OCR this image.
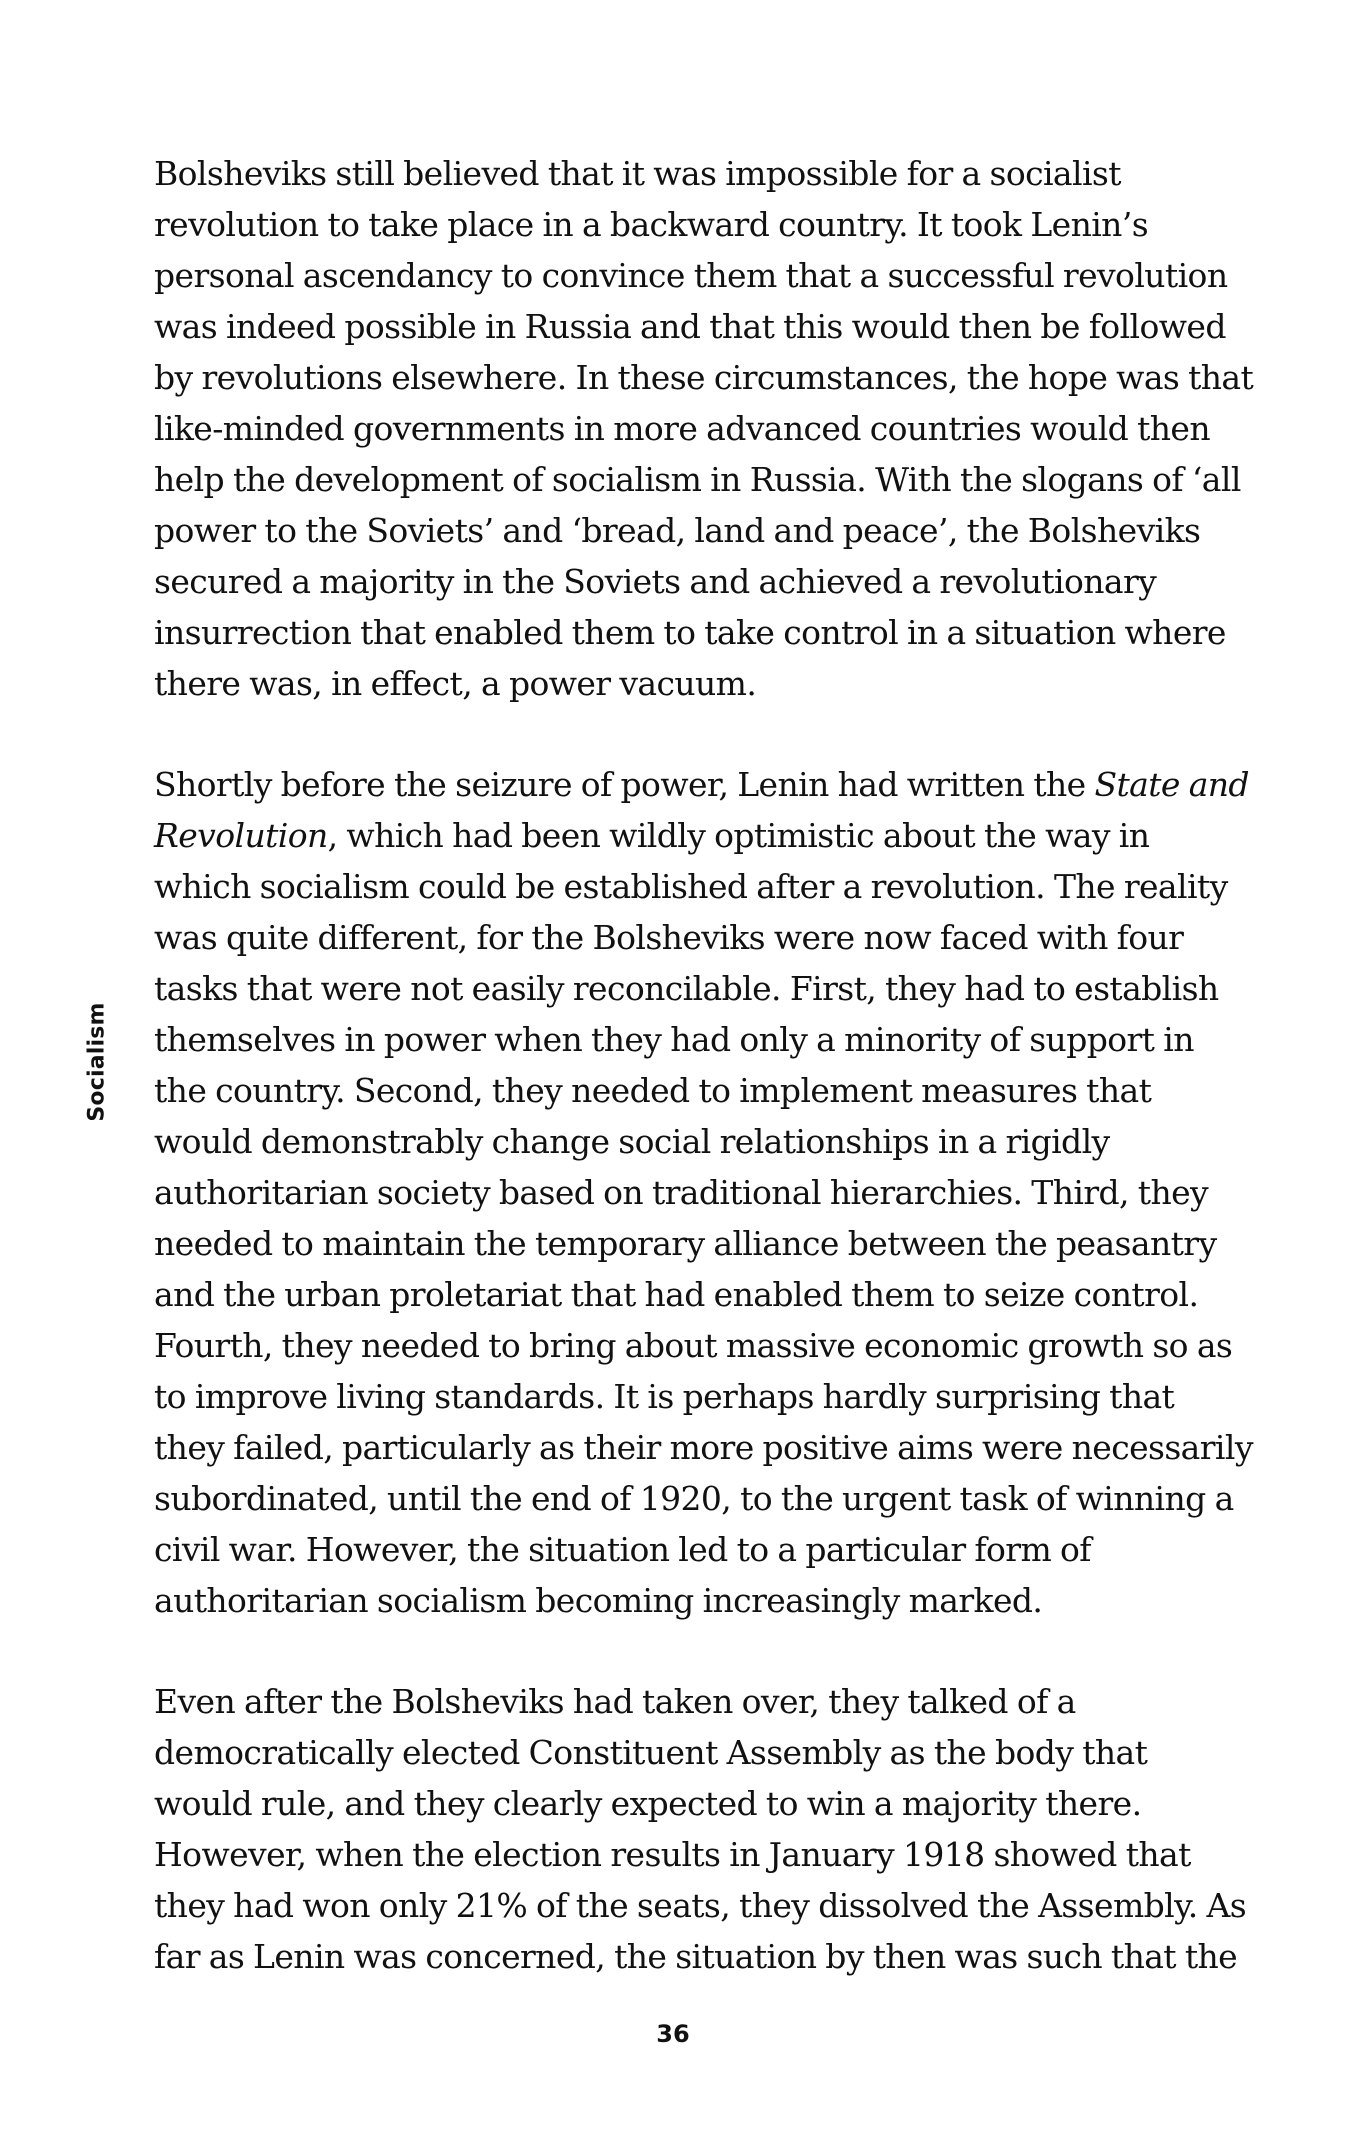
Socialism
Bolsheviks still believed that it was impossible for a socialist
revolution to take place in a backward country. It took Lenin’s
personal ascendancy to convince them that a successful revolution
was indeed possible in Russia and that this would then be followed
by revolutions elsewhere. In these circumstances, the hope was that
like-minded governments in more advanced countries would then
help the development of socialism in Russia. With the slogans of ‘all
power to the Soviets’ and ‘bread, land and peace’, the Bolsheviks
secured a majority in the Soviets and achieved a revolutionary
insurrection that enabled them to take control in a situation where
there was, in effect, a power vacuum.
Shortly before the seizure of power, Lenin had written the State and
Revolution, which had been wildly optimistic about the way in
which socialism could be established after a revolution. The reality
was quite different, for the Bolsheviks were now faced with four
tasks that were not easily reconcilable. First, they had to establish
themselves in power when they had only a minority of support in
the country. Second, they needed to implement measures that
would demonstrably change social relationships in a rigidly
authoritarian society based on traditional hierarchies. Third, they
needed to maintain the temporary alliance between the peasantry
and the urban proletariat that had enabled them to seize control.
Fourth, they needed to bring about massive economic growth so as
to improve living standards. It is perhaps hardly surprising that
they failed, particularly as their more positive aims were necessarily
subordinated, until the end of 1920, to the urgent task of winning a
civil war. However, the situation led to a particular form of
authoritarian socialism becoming increasingly marked.
Even after the Bolsheviks had taken over, they talked of a
democratically elected Constituent Assembly as the body that
would rule, and they clearly expected to win a majority there.
However, when the election results in January 1918 showed that
they had won only 21% of the seats, they dissolved the Assembly. As
far as Lenin was concerned, the situation by then was such that the
36
